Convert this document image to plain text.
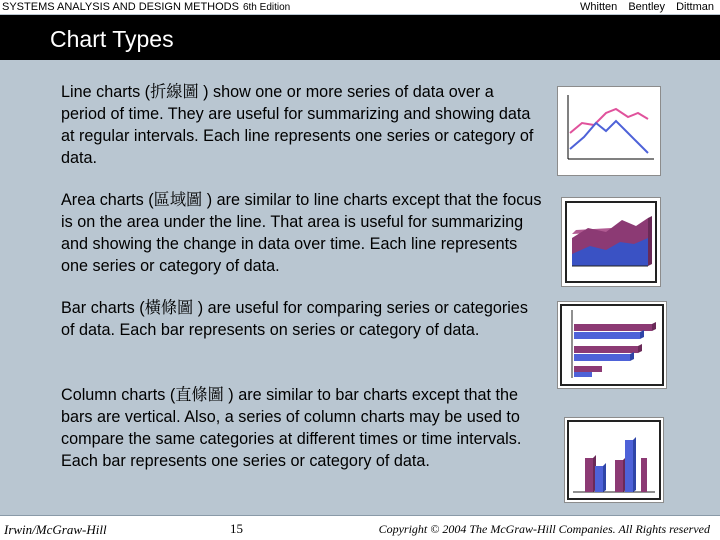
SYSTEMS ANALYSIS AND DESIGN METHODS 6th Edition	Whitten Bentley Dittman
Chart Types
Line charts (折線圖 ) show one or more series of data over a period of time. They are useful for summarizing and showing data at regular intervals. Each line represents one series or category of data.
Area charts (區域圖 ) are similar to line charts except that the focus is on the area under the line. That area is useful for summarizing and showing the change in data over time. Each line represents one series or category of data.
Bar charts (橫條圖 ) are useful for comparing series or categories of data. Each bar represents on series or category of data.
Column charts (直條圖 ) are similar to bar charts except that the bars are vertical. Also, a series of column charts may be used to compare the same categories at different times or time intervals. Each bar represents one series or category of data.
Irwin/McGraw-Hill	15	Copyright © 2004 The McGraw-Hill Companies. All Rights reserved
